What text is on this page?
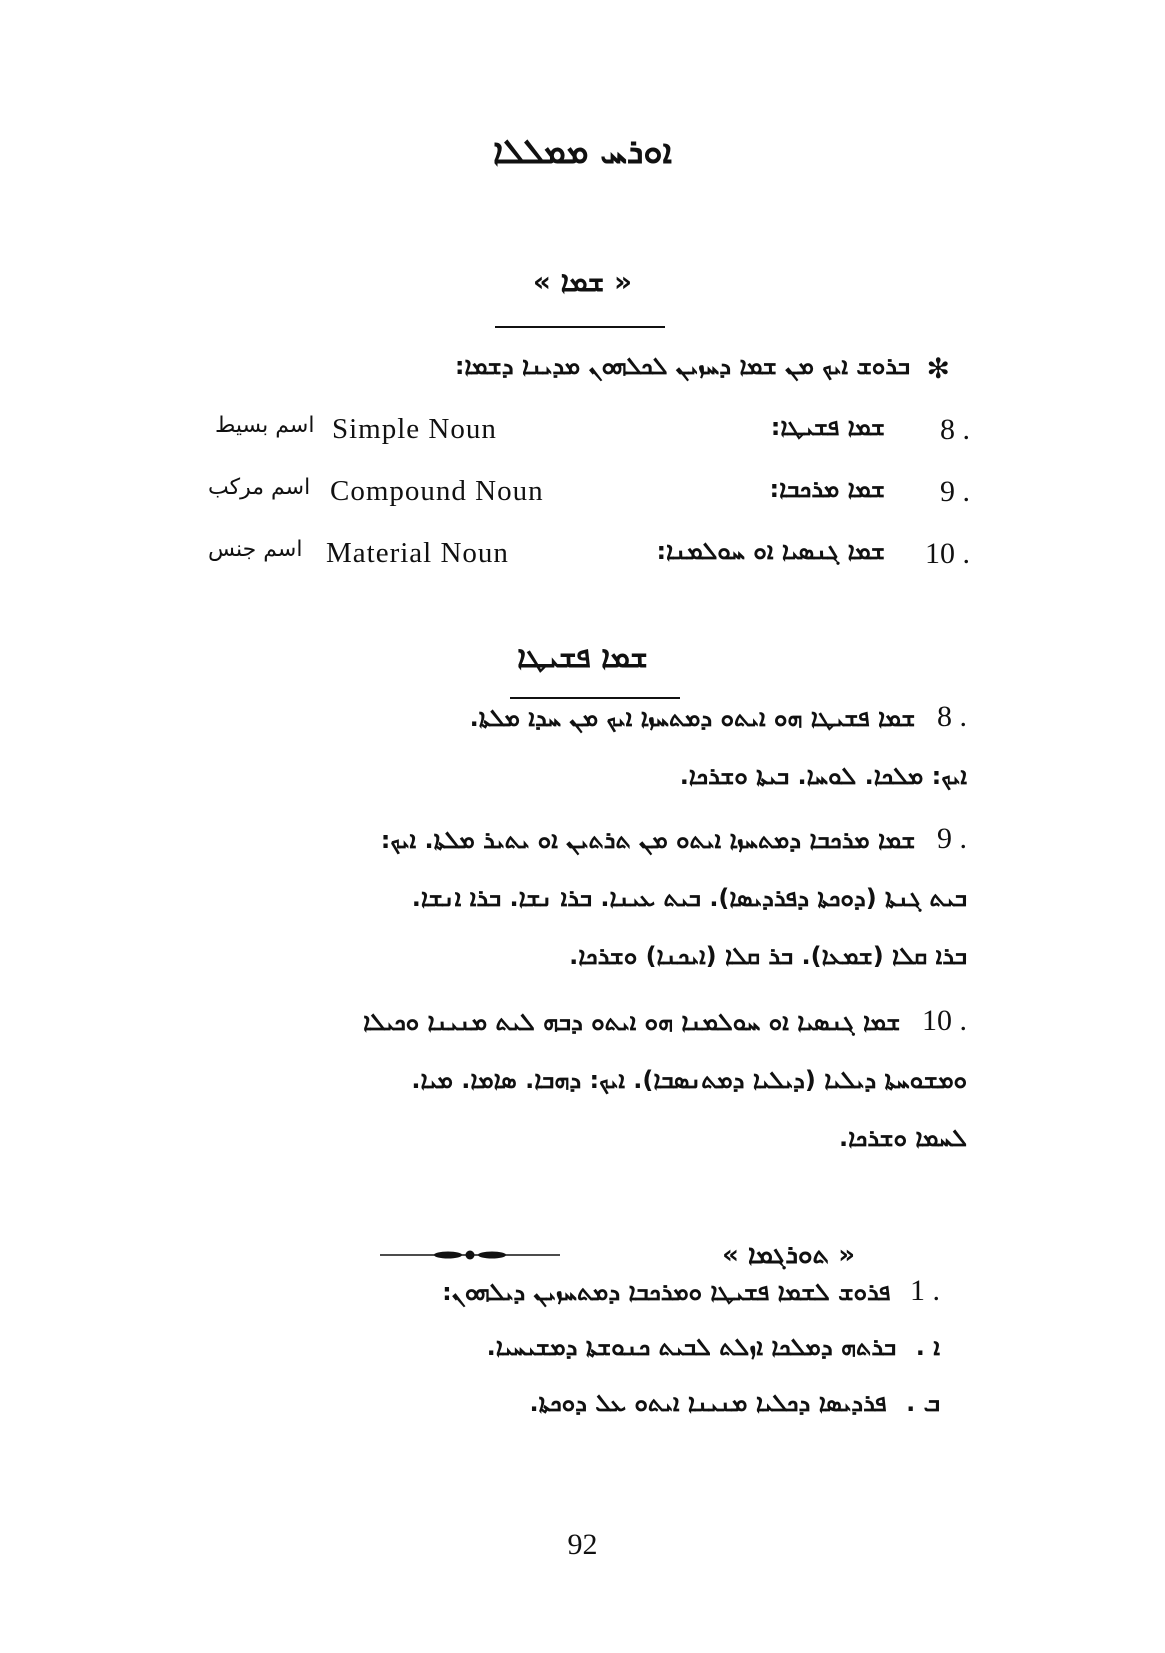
ܐܘܪܚ ܡܡܠܠܐ
« ܫܡܐ »
✻
ܒܪܘܫ ܐܝܟ ܡܢ ܫܡܐ ܕܚܙܝܢ ܠܟܠܗܘܢ ܡܕܝܢܐ ܕܫܡܐ:
8 .
ܫܡܐ ܦܫܝܛܐ:
Simple Noun
اسم بسيط
9 .
ܫܡܐ ܡܪܟܒܐ:
Compound Noun
اسم مركب
10 .
ܫܡܐ ܓܢܣܝܐ ܐܘ ܚܘܠܡܢܐ:
Material Noun
اسم جنس
ܫܡܐ ܦܫܝܛܐ
ܫܡܐ ܦܫܝܛܐ ܗܘ ܐܝܬܘ ܕܡܬܚܙܐ ܐܝܟ ܡܢ ܚܕܐ ܡܠܬܐ. 8 .
ܐܝܟ: ܡܠܟܐ. ܠܘܚܐ. ܒܝܬܐ ܘܫܪܟܐ.
ܫܡܐ ܡܪܟܒܐ ܕܡܬܚܙܐ ܐܝܬܘ ܡܢ ܬܪܬܝܢ ܐܘ ܝܬܝܪ ܡܠܬܐ. ܐܝܟ: 9 .
ܒܝܬ ܓܢܬܐ (ܕܘܟܬܐ ܕܦܪܕܝܣܐ). ܒܝܬ ܥܝܢܐ. ܒܪܐ ܢܫܐ. ܒܪܐ ܐܢܫܐ.
ܒܪܐ ܩܠܐ (ܫܡܥܐ). ܒܪ ܩܠܐ (ܐܝܟܢܐ) ܘܫܪܟܐ.
ܫܡܐ ܓܢܣܝܐ ܐܘ ܚܘܠܡܢܐ ܗܘ ܐܝܬܘ ܕܒܗ ܠܝܬ ܡܢܝܢܐ ܘܟܝܠܐ 10 .
ܘܡܫܘܚܬܐ ܕܝܠܝܐ (ܕܝܠܝܐ ܕܡܬܢܣܒܐ). ܐܝܟ: ܕܗܒܐ. ܣܐܡܐ. ܡܝܐ.
ܠܚܡܐ ܘܫܪܟܐ.
« ܬܘܪܓܡܐ »
ܦܪܘܫ ܠܫܡܐ ܦܫܝܛܐ ܘܡܪܟܒܐ ܕܡܬܚܙܝܢ ܕܝܠܗܘܢ: 1 .
ܒܪܬܗ ܕܡܠܟܐ ܐܙܠܬ ܠܒܝܬ ܟܢܘܫܬܐ ܕܡܫܝܚܝܐ. ܐ .
ܦܪܕܝܣܐ ܕܟܠܝܐ ܡܢܝܢܐ ܐܝܬܘ ܥܠ ܕܘܟܬܐ. ܒ .
92
